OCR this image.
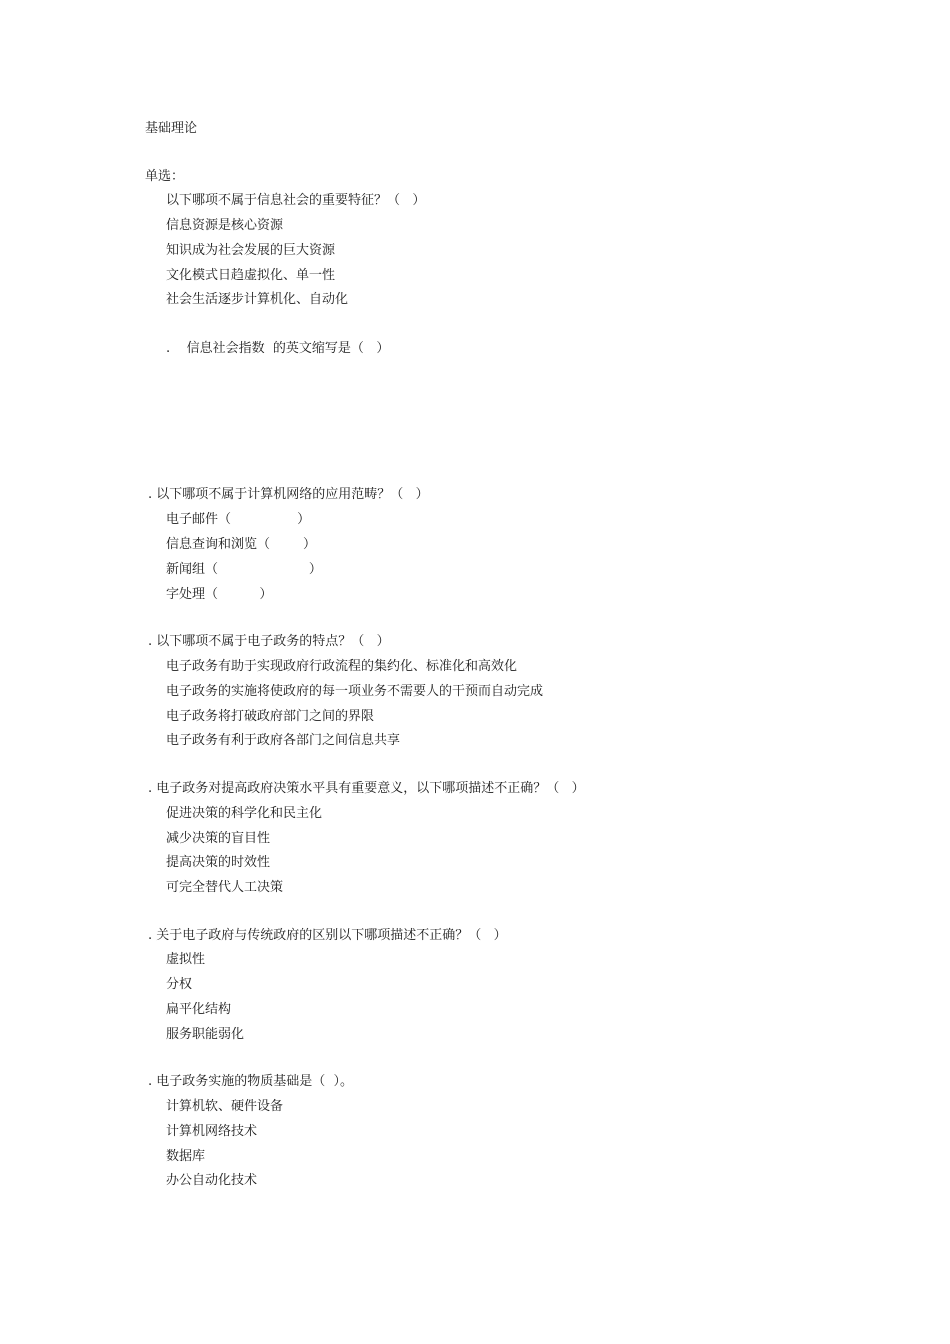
基础理论
单选：
以下哪项不属于信息社会的重要特征？（   ）
信息资源是核心资源
知识成为社会发展的巨大资源
文化模式日趋虚拟化、单一性
社会生活逐步计算机化、自动化
.    信息社会指数  的英文缩写是（   ）
. 以下哪项不属于计算机网络的应用范畴？（   ）
电子邮件（                ）
信息查询和浏览（        ）
新闻组（                      ）
字处理（          ）
. 以下哪项不属于电子政务的特点？（   ）
电子政务有助于实现政府行政流程的集约化、标准化和高效化
电子政务的实施将使政府的每一项业务不需要人的干预而自动完成
电子政务将打破政府部门之间的界限
电子政务有利于政府各部门之间信息共享
. 电子政务对提高政府决策水平具有重要意义，以下哪项描述不正确？（   ）
促进决策的科学化和民主化
减少决策的盲目性
提高决策的时效性
可完全替代人工决策
. 关于电子政府与传统政府的区别以下哪项描述不正确？（   ）
虚拟性
分权
扁平化结构
服务职能弱化
. 电子政务实施的物质基础是（  ）。
计算机软、硬件设备
计算机网络技术
数据库
办公自动化技术
